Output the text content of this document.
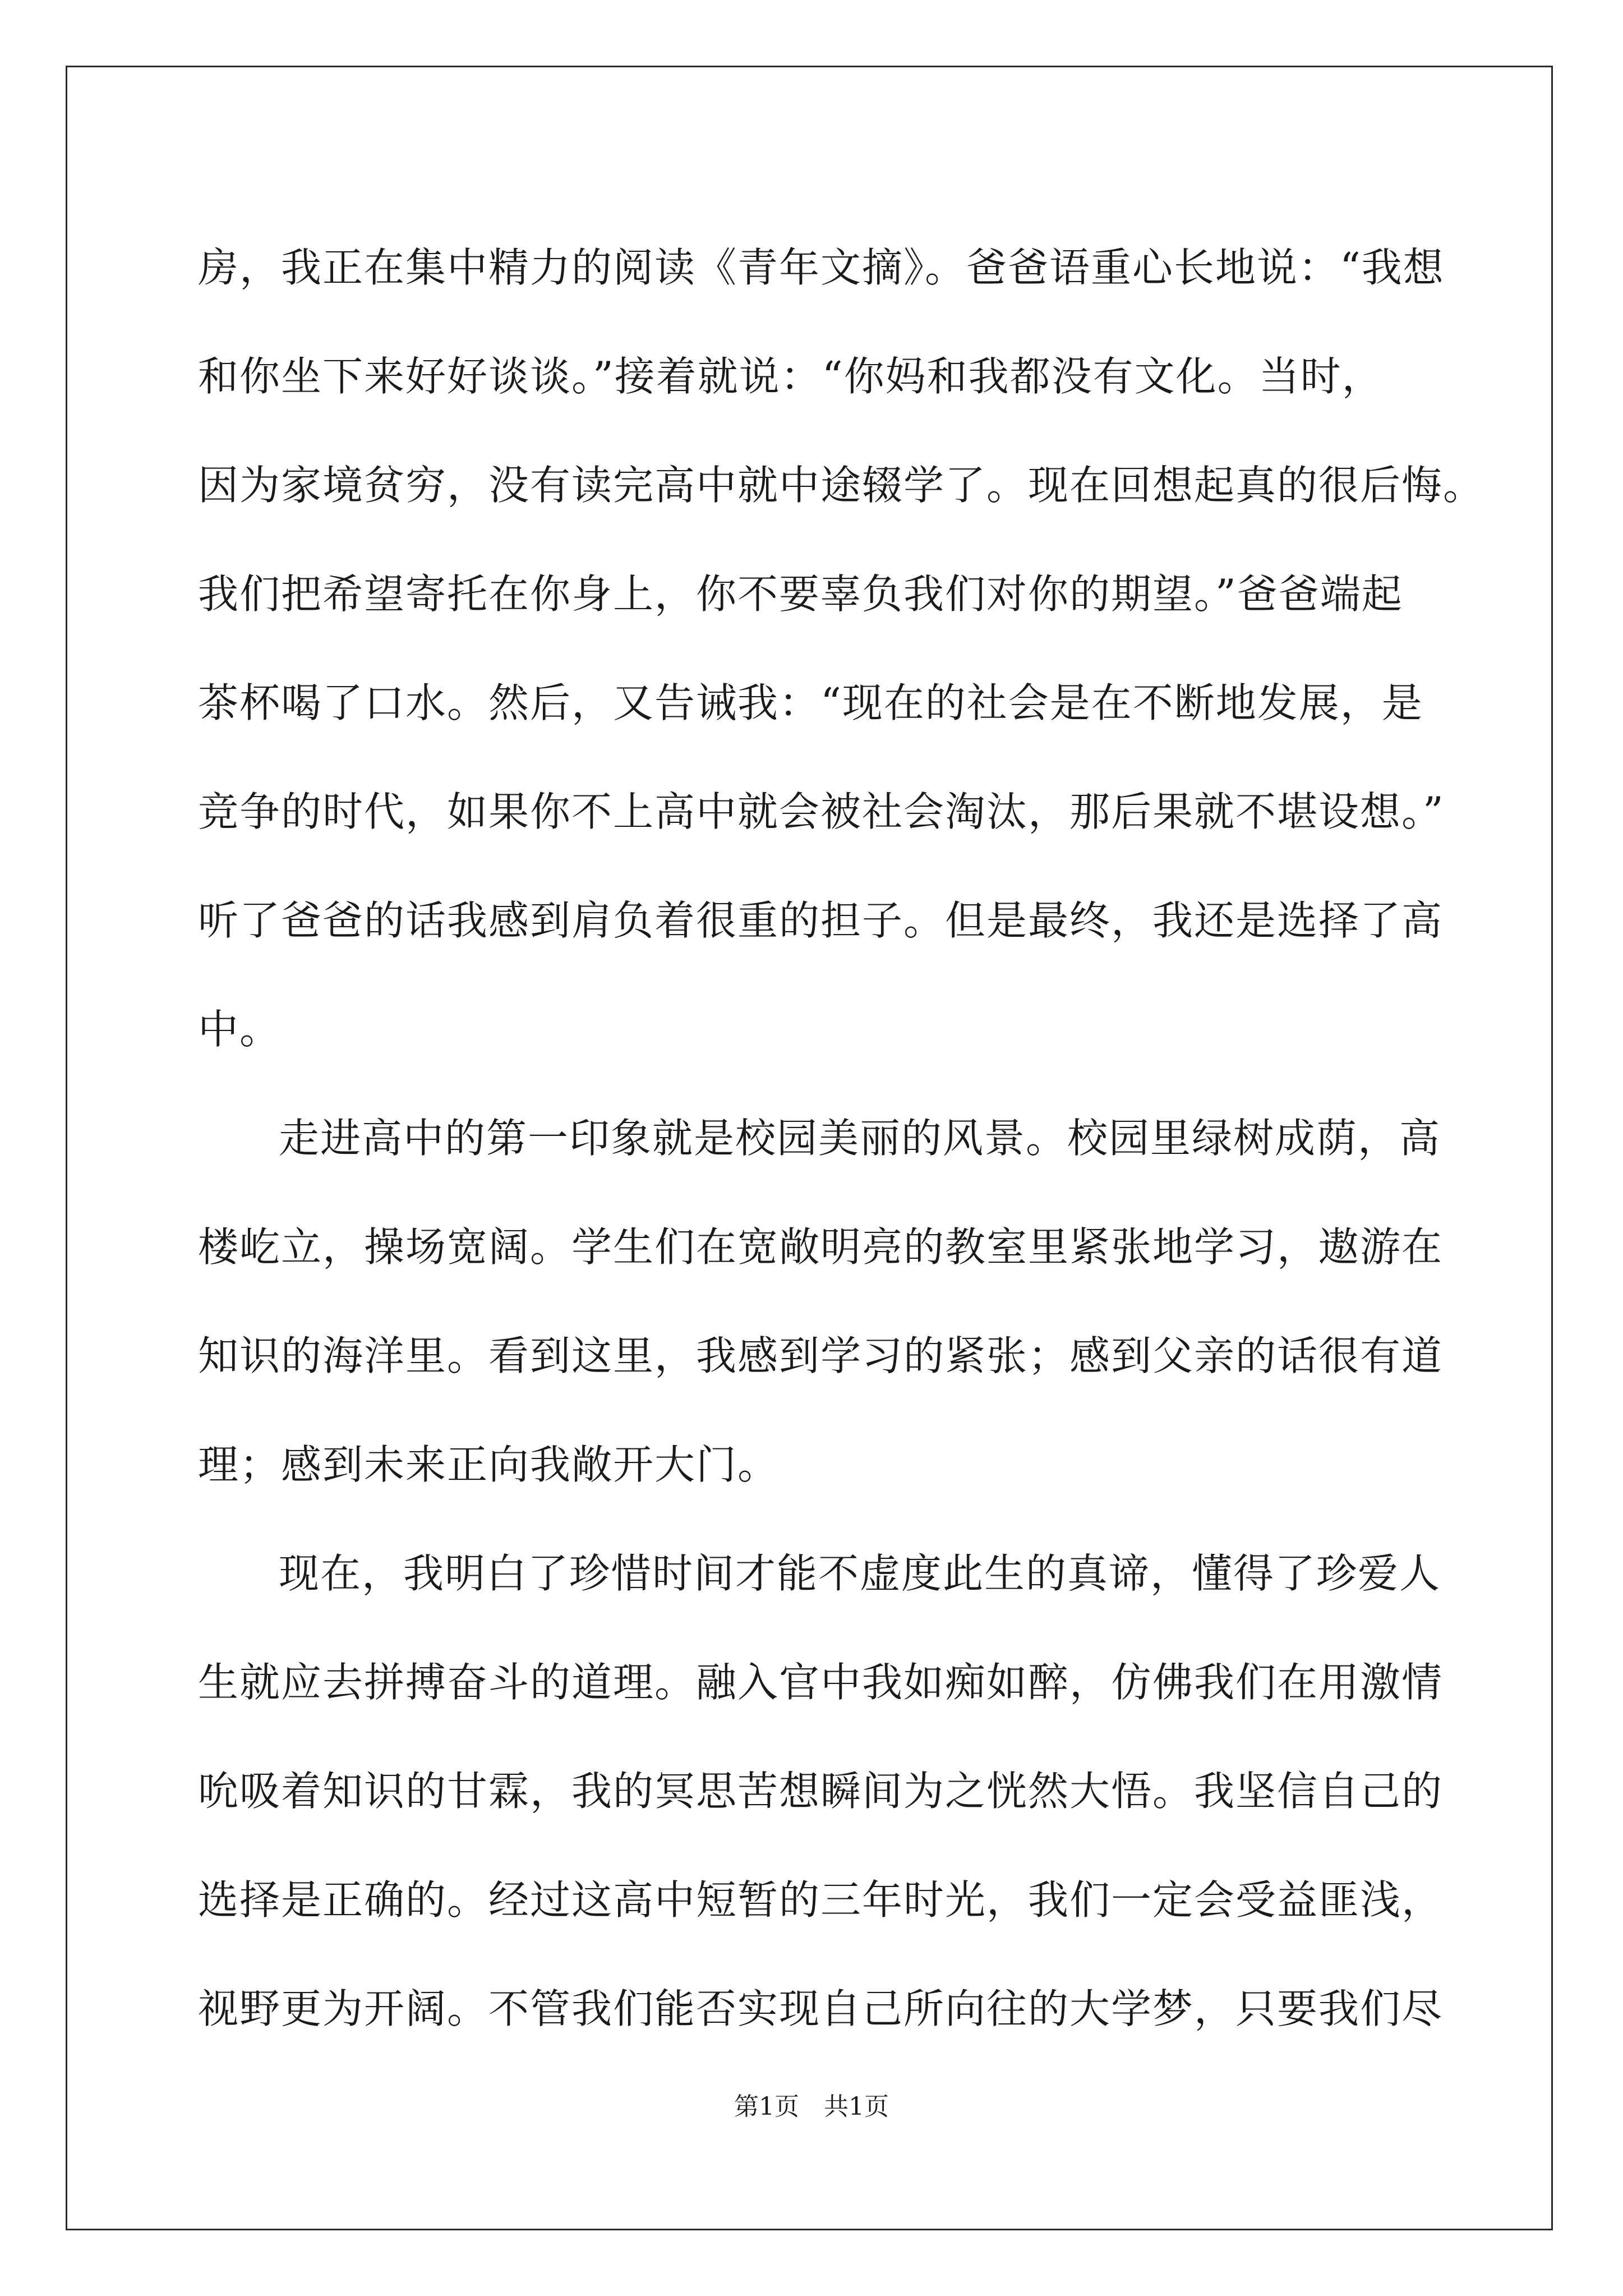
房，我正在集中精力的阅读《青年文摘》。爸爸语重心长地说：“我想
和你坐下来好好谈谈。”接着就说：“你妈和我都没有文化。当时，
因为家境贫穷，没有读完高中就中途辍学了。现在回想起真的很后悔。
我们把希望寄托在你身上，你不要辜负我们对你的期望。”爸爸端起
茶杯喝了口水。然后，又告诫我：“现在的社会是在不断地发展，是
竞争的时代，如果你不上高中就会被社会淘汰，那后果就不堪设想。”
听了爸爸的话我感到肩负着很重的担子。但是最终，我还是选择了高
中。
走进高中的第一印象就是校园美丽的风景。校园里绿树成荫，高
楼屹立，操场宽阔。学生们在宽敞明亮的教室里紧张地学习，遨游在
知识的海洋里。看到这里，我感到学习的紧张；感到父亲的话很有道
理；感到未来正向我敞开大门。
现在，我明白了珍惜时间才能不虚度此生的真谛，懂得了珍爱人
生就应去拼搏奋斗的道理。融入官中我如痴如醉，仿佛我们在用激情
吮吸着知识的甘霖，我的冥思苦想瞬间为之恍然大悟。我坚信自己的
选择是正确的。经过这高中短暂的三年时光，我们一定会受益匪浅，
视野更为开阔。不管我们能否实现自己所向往的大学梦，只要我们尽
第1页 共1页
